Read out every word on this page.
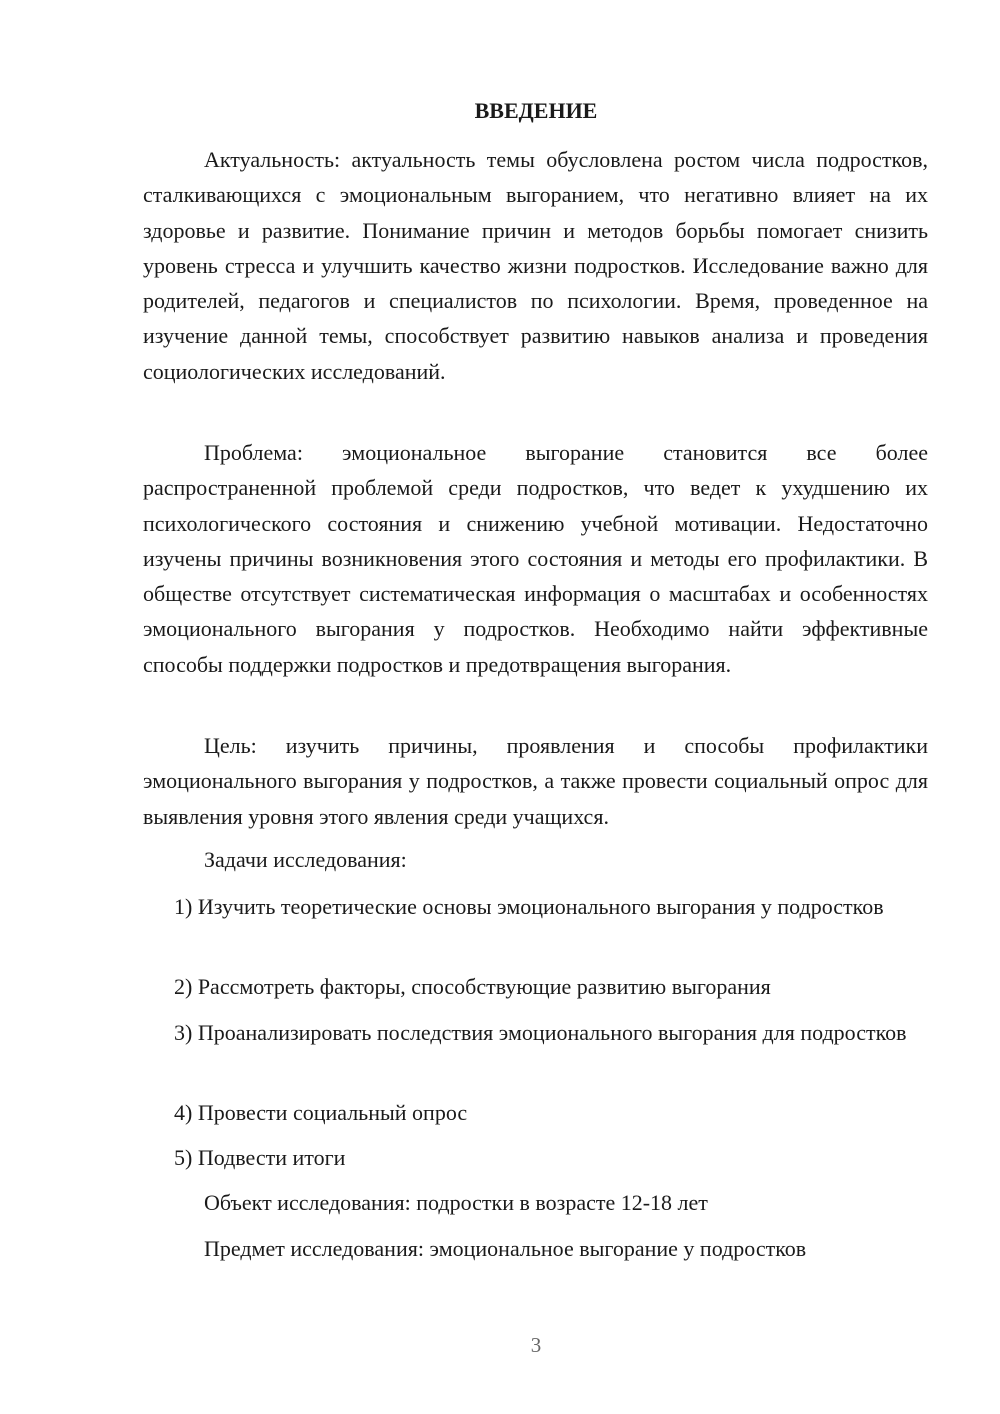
ВВЕДЕНИЕ

Актуальность: актуальность темы обусловлена ростом числа подростков, сталкивающихся с эмоциональным выгоранием, что негативно влияет на их здоровье и развитие. Понимание причин и методов борьбы помогает снизить уровень стресса и улучшить качество жизни подростков. Исследование важно для родителей, педагогов и специалистов по психологии. Время, проведенное на изучение данной темы, способствует развитию навыков анализа и проведения социологических исследований.

Проблема: эмоциональное выгорание становится все более распространенной проблемой среди подростков, что ведет к ухудшению их психологического состояния и снижению учебной мотивации. Недостаточно изучены причины возникновения этого состояния и методы его профилактики. В обществе отсутствует систематическая информация о масштабах и особенностях эмоционального выгорания у подростков. Необходимо найти эффективные способы поддержки подростков и предотвращения выгорания.

Цель: изучить причины, проявления и способы профилактики эмоционального выгорания у подростков, а также провести социальный опрос для выявления уровня этого явления среди учащихся.

Задачи исследования:

1) Изучить теоретические основы эмоционального выгорания у подростков

2) Рассмотреть факторы, способствующие развитию выгорания

3) Проанализировать последствия эмоционального выгорания для подростков

4) Провести социальный опрос

5) Подвести итоги

Объект исследования: подростки в возрасте 12-18 лет

Предмет исследования: эмоциональное выгорание у подростков

3
